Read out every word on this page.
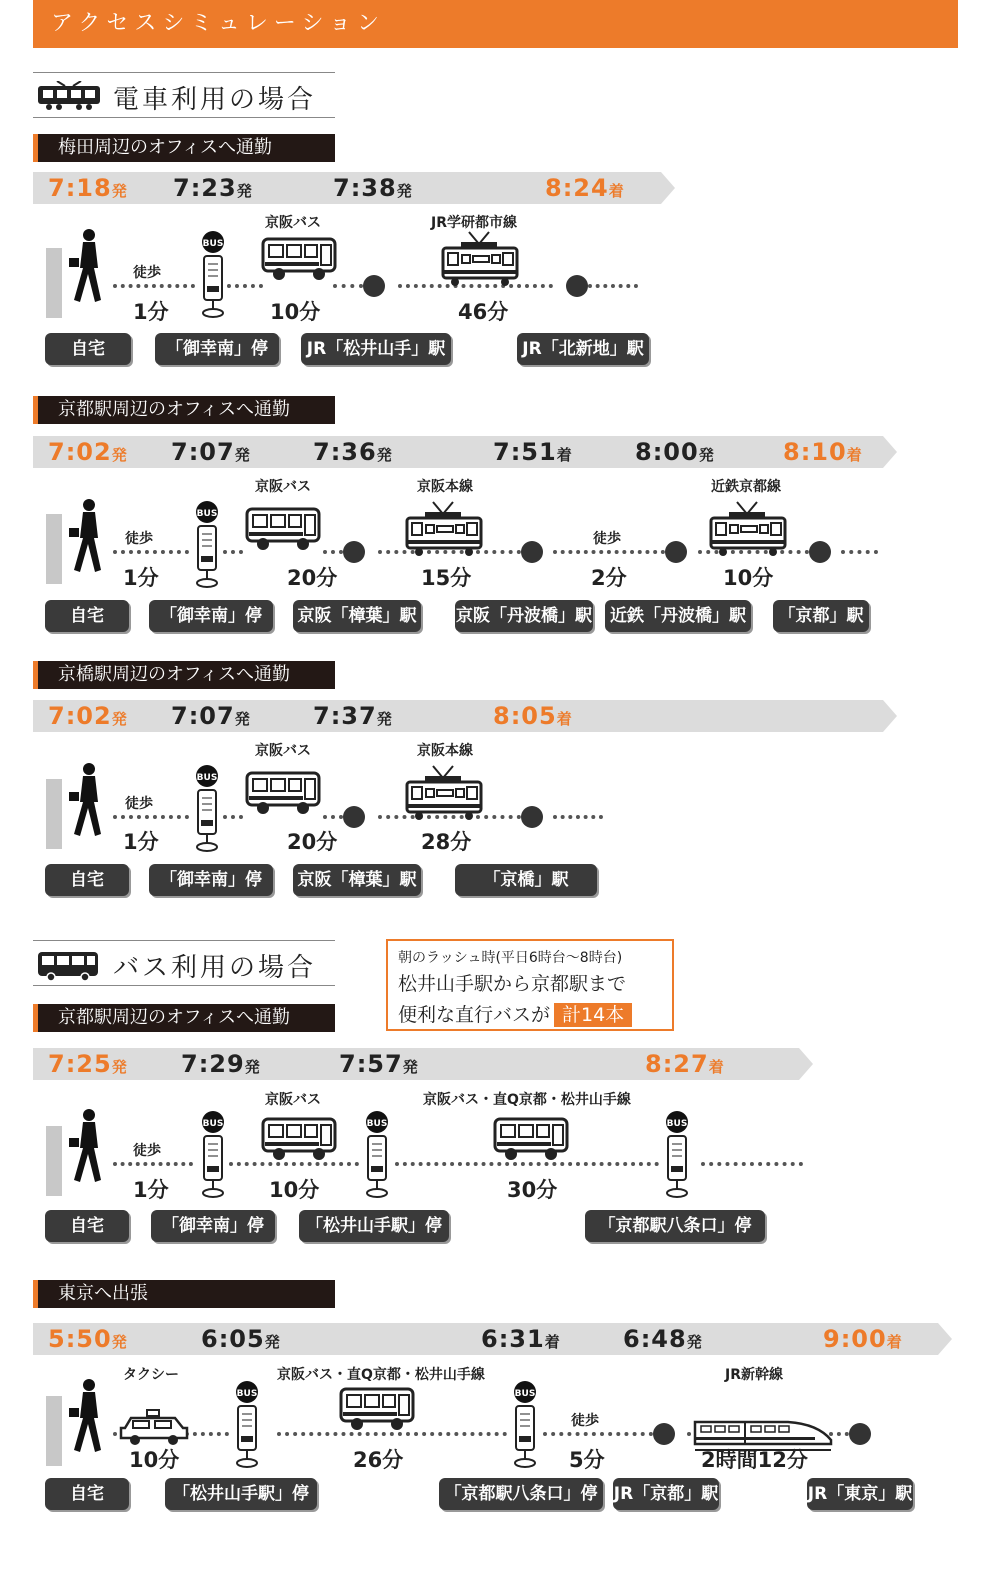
アクセスシミュレーション
電車利用の場合
バス利用の場合	朝のラッシュ時(平日6時台〜8時台)
松井山手駅から京都駅まで
便利な直行バスが 計14本
梅田周辺のオフィスへ通勤
7:18発 7:23発	7:38発	8:24着
BUS
徒歩
京阪バス	JR学研都市線
1分	10分	46分
自宅	「御幸南」停	JR「松井山手」駅	JR「北新地」駅
京都駅周辺のオフィスへ通勤
7:02発 7:07発	7:36発	7:51着	8:00発	8:10着
BUS
徒歩
京阪バス	京阪本線
徒歩
近鉄京都線
1分	20分	15分	2分	10分
自宅	「御幸南」停	京阪「樟葉」駅 京阪「丹波橋」駅 近鉄「丹波橋」駅	「京都」駅
京橋駅周辺のオフィスへ通勤
7:02発 7:07発	7:37発	8:05着
BUS
徒歩
京阪バス	京阪本線
1分	20分	28分
自宅	「御幸南」停	京阪「樟葉」駅	「京橋」駅
京都駅周辺のオフィスへ通勤
7:25発 7:29発	7:57発	8:27着
BUS	BUS	BUS
徒歩
京阪バス	京阪バス・直Q京都・松井山手線
1分	10分	30分
自宅	「御幸南」停	「松井山手駅」停	「京都駅八条口」停
東京へ出張
5:50発	6:05発	6:31着	6:48発	9:00着
BUS	BUS
タクシー	京阪バス・直Q京都・松井山手線
徒歩
JR新幹線
10分	26分	5分	2時間12分
自宅	「松井山手駅」停	「京都駅八条口」停 JR「京都」駅	JR「東京」駅
